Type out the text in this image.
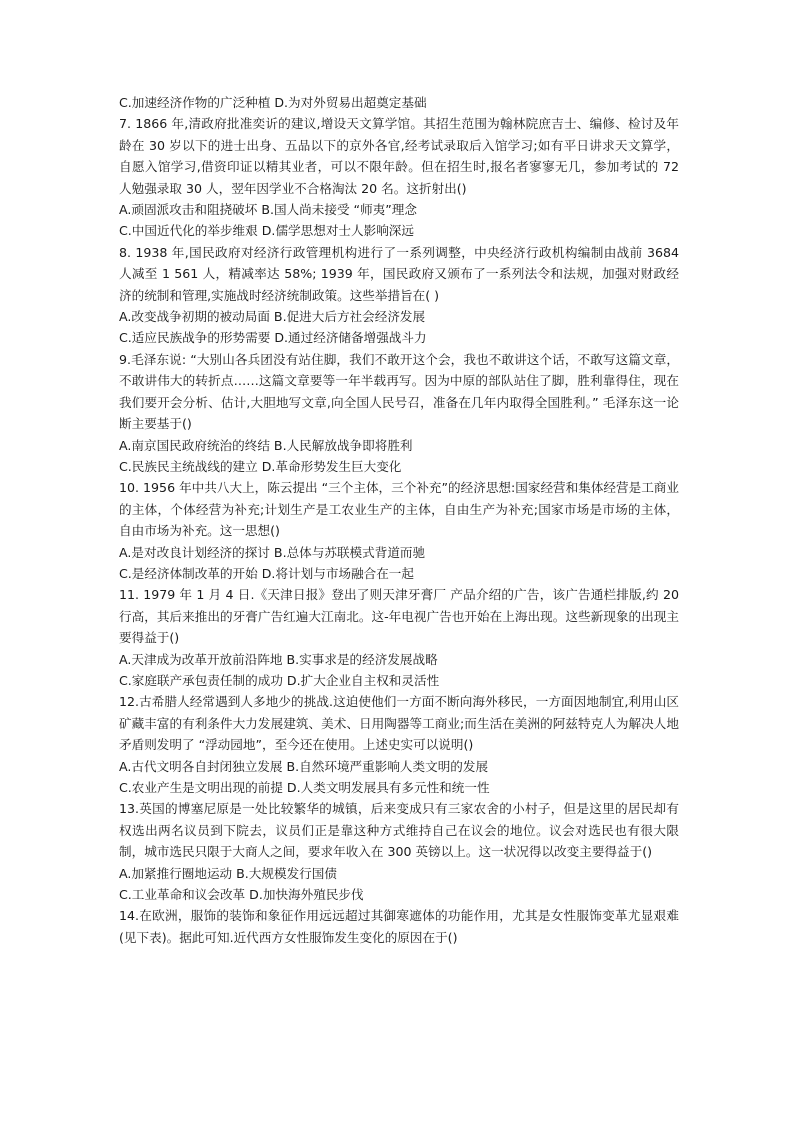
C.加速经济作物的广泛种植 D.为对外贸易出超奠定基础

7. 1866 年,清政府批准奕䜣的建议,增设天文算学馆。其招生范围为翰林院庶吉士、编修、检讨及年龄在 30 岁以下的进士出身、五品以下的京外各官,经考试录取后入馆学习;如有平日讲求天文算学，自愿入馆学习,借资印证以精其业者，可以不限年龄。但在招生时,报名者寥寥无几，参加考试的 72 人勉强录取 30 人，翌年因学业不合格淘汰 20 名。这折射出()

A.顽固派攻击和阻挠破坏 B.国人尚未接受 “师夷”理念

C.中国近代化的举步维艰 D.儒学思想对士人影响深远

8. 1938 年,国民政府对经济行政管理机构进行了一系列调整，中央经济行政机构编制由战前 3684 人减至 1 561 人，精减率达 58%; 1939 年，国民政府又颁布了一系列法令和法规，加强对财政经济的统制和管理,实施战时经济统制政策。这些举措旨在( )

A.改变战争初期的被动局面 B.促进大后方社会经济发展

C.适应民族战争的形势需要 D.通过经济储备增强战斗力

9.毛泽东说: “大别山各兵团没有站住脚，我们不敢开这个会，我也不敢讲这个话，不敢写这篇文章，不敢讲伟大的转折点……这篇文章要等一年半载再写。因为中原的部队站住了脚，胜利靠得住，现在我们要开会分析、估计,大胆地写文章,向全国人民号召，准备在几年内取得全国胜利。” 毛泽东这一论断主要基于()

A.南京国民政府统治的终结 B.人民解放战争即将胜利

C.民族民主统战线的建立 D.革命形势发生巨大变化

10. 1956 年中共八大上，陈云提出 “三个主体，三个补充”的经济思想:国家经营和集体经营是工商业的主体，个体经营为补充;计划生产是工农业生产的主体，自由生产为补充;国家市场是市场的主体，自由市场为补充。这一思想()

A.是对改良计划经济的探讨 B.总体与苏联模式背道而驰

C.是经济体制改革的开始 D.将计划与市场融合在一起

11. 1979 年 1 月 4 日.《天津日报》登出了则天津牙膏厂 产品介绍的广告，该广告通栏排版,约 20 行高，其后来推出的牙膏广告红遍大江南北。这-年电视广告也开始在上海出现。这些新现象的出现主要得益于()

A.天津成为改革开放前沿阵地 B.实事求是的经济发展战略

C.家庭联产承包责任制的成功 D.扩大企业自主权和灵活性

12.古希腊人经常遇到人多地少的挑战.这迫使他们一方面不断向海外移民，一方面因地制宜,利用山区矿藏丰富的有利条件大力发展建筑、美术、日用陶器等工商业;而生活在美洲的阿兹特克人为解决人地矛盾则发明了 “浮动园地”，至今还在使用。上述史实可以说明()

A.古代文明各自封闭独立发展 B.自然环境严重影响人类文明的发展

C.农业产生是文明出现的前提 D.人类文明发展具有多元性和统一性

13.英国的博塞尼原是一处比较繁华的城镇，后来变成只有三家农舍的小村子，但是这里的居民却有权选出两名议员到下院去，议员们正是靠这种方式维持自己在议会的地位。议会对选民也有很大限制，城市选民只限于大商人之间，要求年收入在 300 英镑以上。这一状况得以改变主要得益于()

A.加紧推行圈地运动 B.大规模发行国债

C.工业革命和议会改革 D.加快海外殖民步伐

14.在欧洲，服饰的装饰和象征作用远远超过其御寒遮体的功能作用，尤其是女性服饰变革尤显艰难(见下表)。据此可知.近代西方女性服饰发生变化的原因在于()
